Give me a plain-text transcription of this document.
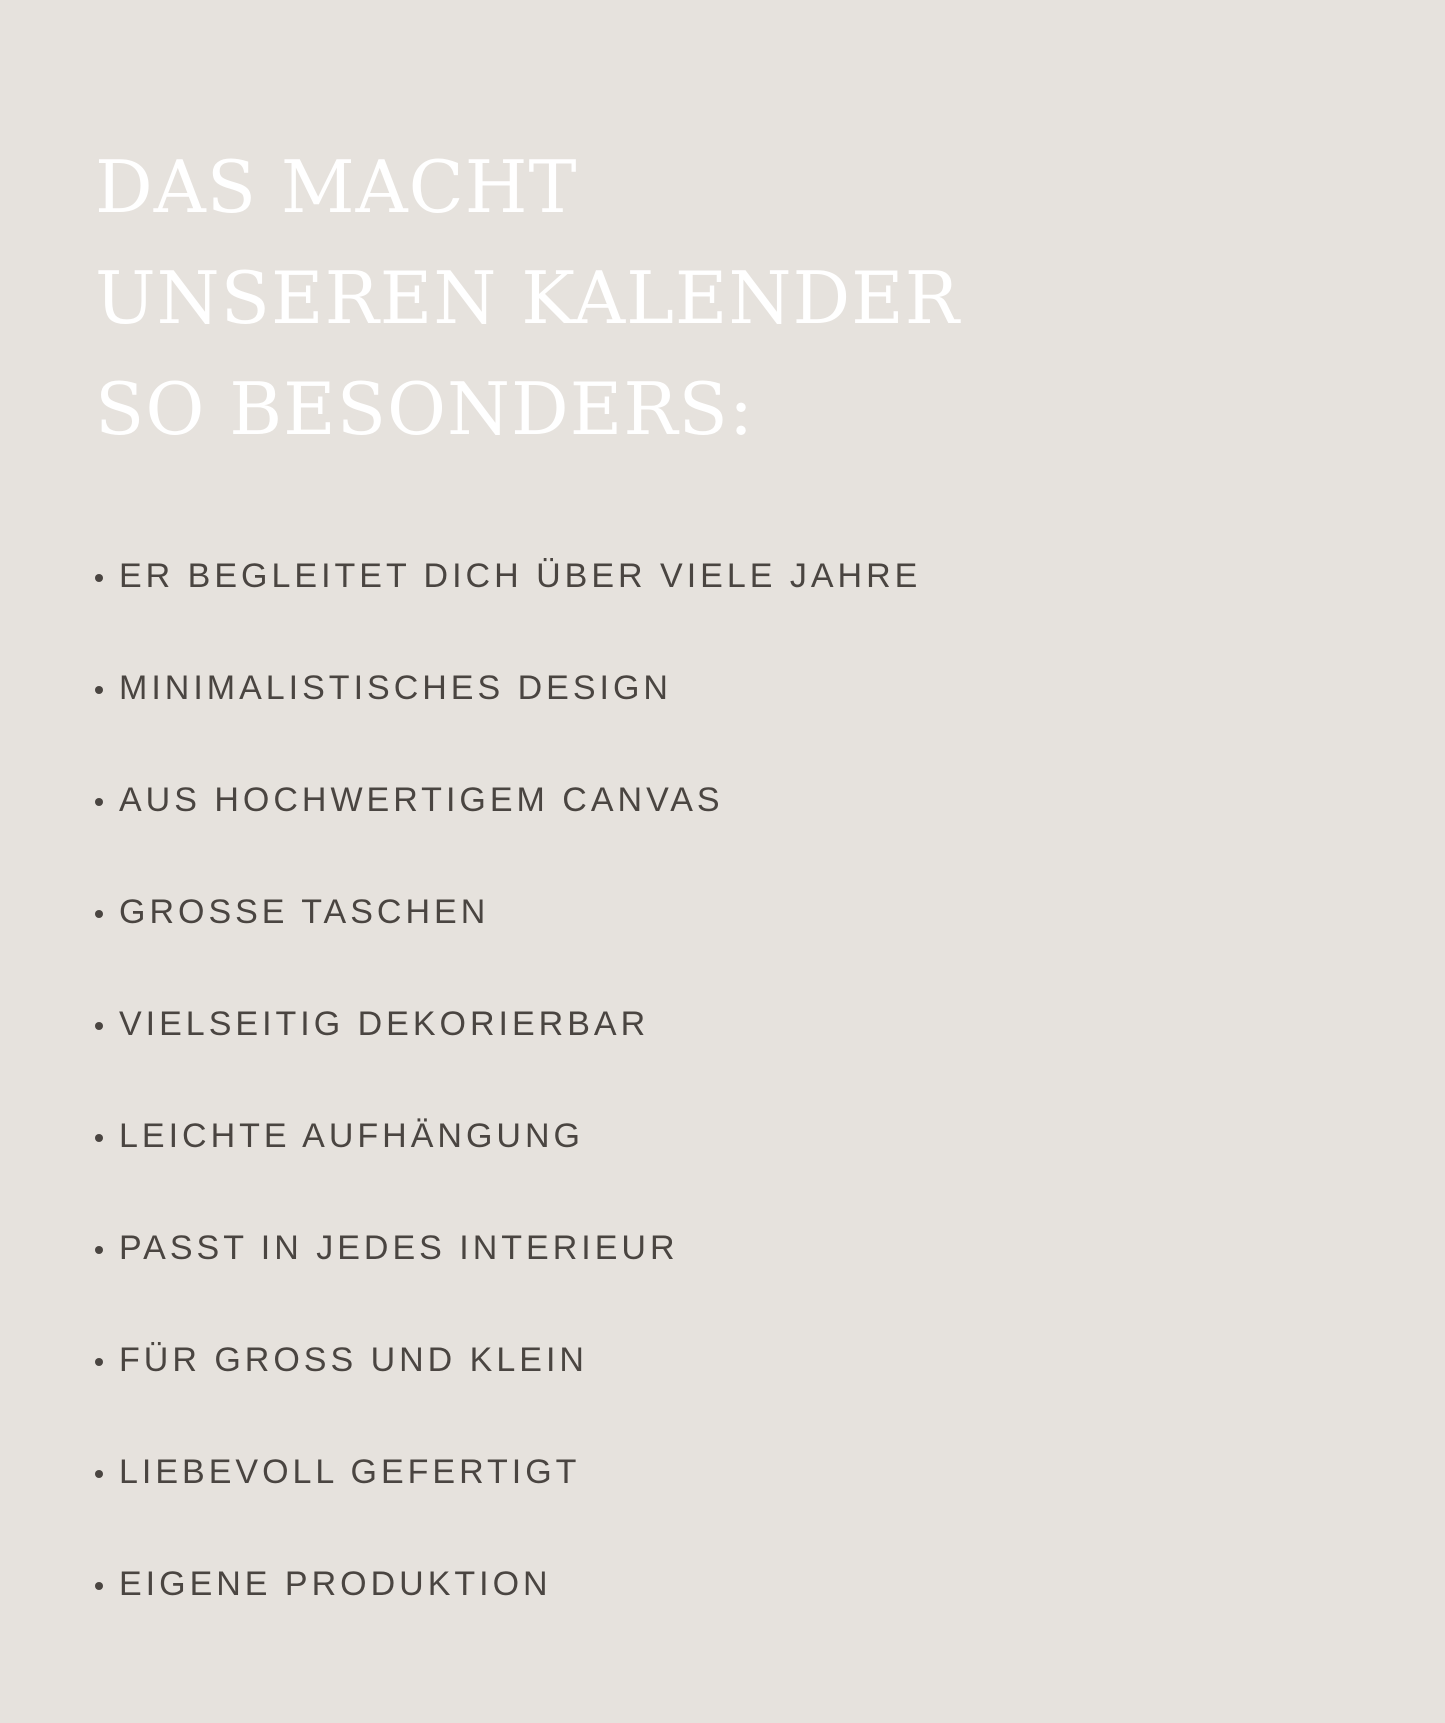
DAS MACHT
UNSEREN KALENDER
SO BESONDERS:
ER BEGLEITET DICH ÜBER VIELE JAHRE
MINIMALISTISCHES DESIGN
AUS HOCHWERTIGEM CANVAS
GROSSE TASCHEN
VIELSEITIG DEKORIERBAR
LEICHTE AUFHÄNGUNG
PASST IN JEDES INTERIEUR
FÜR GROSS UND KLEIN
LIEBEVOLL GEFERTIGT
EIGENE PRODUKTION
